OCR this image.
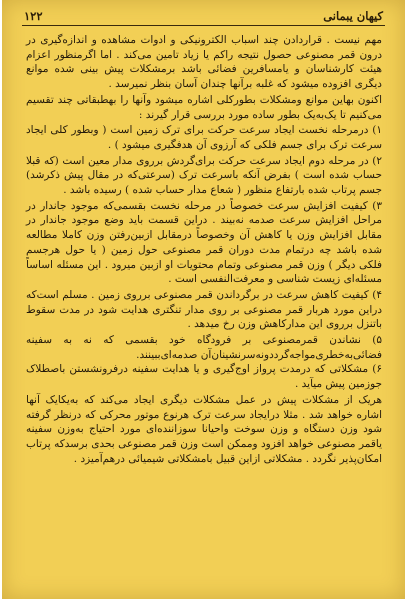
کیهان یبمانی
۱۲۲

مهم نیست . قراردادن چند اسباب الکترونیکی و ادوات مشاهده و اندازه‌گیری در درون قمر مصنوعی حصول نتیجه راکم یا زیاد تامین می‌کند . اما اگرمنظور اعزام هیئت کارشناسان و یامسافرین فضائی باشد برمشکلات پیش بینی شده موانع دیگری افزوده میشود که غلبه برآنها چندان آسان بنظر نمیرسد .

اکنون بهاین موانع ومشکلات بطورکلی اشاره میشود وآنها را بهطبقاتی چند تقسیم می‌کنیم تا یک‌به‌یک بطور ساده مورد بررسی قرار گیرند :

۱) درمرحله نخست ایجاد سرعت حرکت برای ترک زمین است ( وبطور کلی ایجاد سرعت ترک برای جسم فلکی که آرزوی آن هدفگیری میشود ) .

۲) در مرحله دوم ایجاد سرعت حرکت برای‌گردش برروی مدار معین است (که قبلا حساب شده است ) بفرض آنکه باسرعت ترک (سرعتی‌که در مقال پیش ذکرشد) جسم پرتاب شده بارتفاع منظور ( شعاع مدار حساب شده ) رسیده باشد .

۳) کیفیت افزایش سرعت خصوصاً در مرحله نخست بقسمی‌که موجود جاندار در مراحل افزایش سرعت صدمه نه‌بیند . دراین قسمت باید وضع موجود جاندار در مقابل افزایش وزن یا کاهش آن وخصوصاً درمقابل ازبین‌رفتن وزن کاملا مطالعه شده باشد چه درتمام مدت دوران قمر مصنوعی حول زمین ( یا حول هرجسم فلکی دیگر ) وزن قمر مصنوعی وتمام محتویات او ازبین میرود . این مسئله اساساً مسئله‌ای زیست شناسی و معرفت‌النفسی است .

۴) کیفیت کاهش سرعت در برگرداندن قمر مصنوعی برروی زمین . مسلم است‌که دراین مورد هربار قمر مصنوعی بر روی مدار تنگتری هدایت شود در مدت سقوط باتنزل برروی این مدارکاهش وزن رخ میدهد .

۵) نشاندن قمرمصنوعی بر فرودگاه خود بقسمی که نه به سفینه فضائی‌به‌خطری‌مواجه‌گرددونه‌سرنشینان‌آن صدمه‌ای‌ببینند.

۶) مشکلاتی که درمدت پرواز اوج‌گیری و یا هدایت سفینه درفرونشستن باصطلاک جوزمین پیش میآید .

هریک از مشکلات پیش در عمل مشکلات دیگری ایجاد می‌کند که به‌یکایک آنها اشاره خواهد شد . مثلا درایجاد سرعت ترک هرنوع موتور محرکی که درنظر گرفته شود وزن دستگاه و وزن سوخت واحیانا سوزاننده‌ای مورد احتیاج به‌وزن سفینه یاقمر مصنوعی خواهد افزود وممکن است وزن قمر مصنوعی بحدی برسدکه پرتاب امکان‌پذیر نگردد . مشکلاتی ازاین قبیل بامشکلاتی شیمیائی درهم‌آمیزد .
